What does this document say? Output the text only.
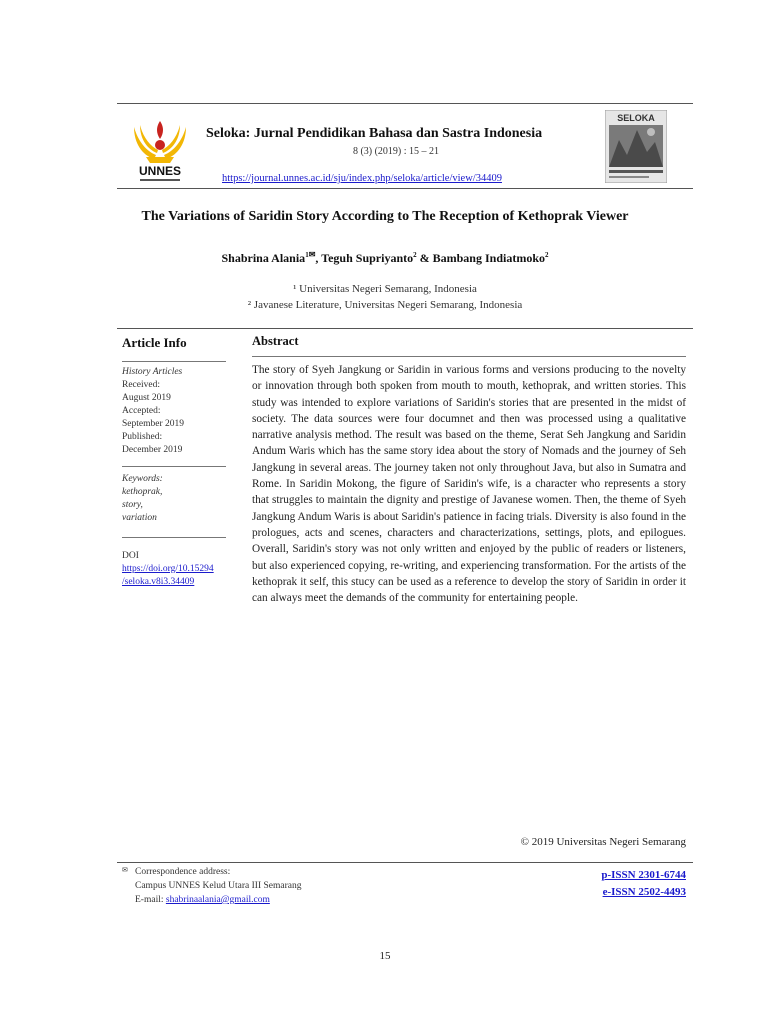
UNNES
Seloka: Jurnal Pendidikan Bahasa dan Sastra Indonesia
8 (3) (2019) : 15 – 21
https://journal.unnes.ac.id/sju/index.php/seloka/article/view/34409
SELOKA
The Variations of Saridin Story According to The Reception of Kethoprak Viewer
Shabrina Alania$^{1✉}$, Teguh Supriyanto$^2$ & Bambang Indiatmoko$^2$
¹ Universitas Negeri Semarang, Indonesia
² Javanese Literature, Universitas Negeri Semarang, Indonesia
Article Info
History Articles
Received:
August 2019
Accepted:
September 2019
Published:
December 2019
Keywords:
kethoprak,
story,
variation
DOI
https://doi.org/10.15294
/seloka.v8i3.34409
Abstract
The story of Syeh Jangkung or Saridin in various forms and versions producing to the novelty or innovation through both spoken from mouth to mouth, kethoprak, and written stories. This study was intended to explore variations of Saridin's stories that are presented in the midst of society. The data sources were four documnet and then was processed using a qualitative narrative analysis method. The result was based on the theme, Serat Seh Jangkung and Saridin Andum Waris which has the same story idea about the story of Nomads and the journey of Seh Jangkung in several areas. The journey taken not only throughout Java, but also in Sumatra and Rome. In Saridin Mokong, the figure of Saridin's wife, is a character who represents a story that struggles to maintain the dignity and prestige of Javanese women. Then, the theme of Syeh Jangkung Andum Waris is about Saridin's patience in facing trials. Diversity is also found in the prologues, acts and scenes, characters and characterizations, settings, plots, and epilogues. Overall, Saridin's story was not only written and enjoyed by the public of readers or listeners, but also experienced copying, re-writing, and experiencing transformation. For the artists of the kethoprak it self, this stucy can be used as a reference to develop the story of Saridin in order it can always meet the demands of the community for entertaining people.
© 2019 Universitas Negeri Semarang
✉ Correspondence address:
Campus UNNES Kelud Utara III Semarang
E-mail: shabrinaalania@gmail.com
p-ISSN 2301-6744
e-ISSN 2502-4493
15
